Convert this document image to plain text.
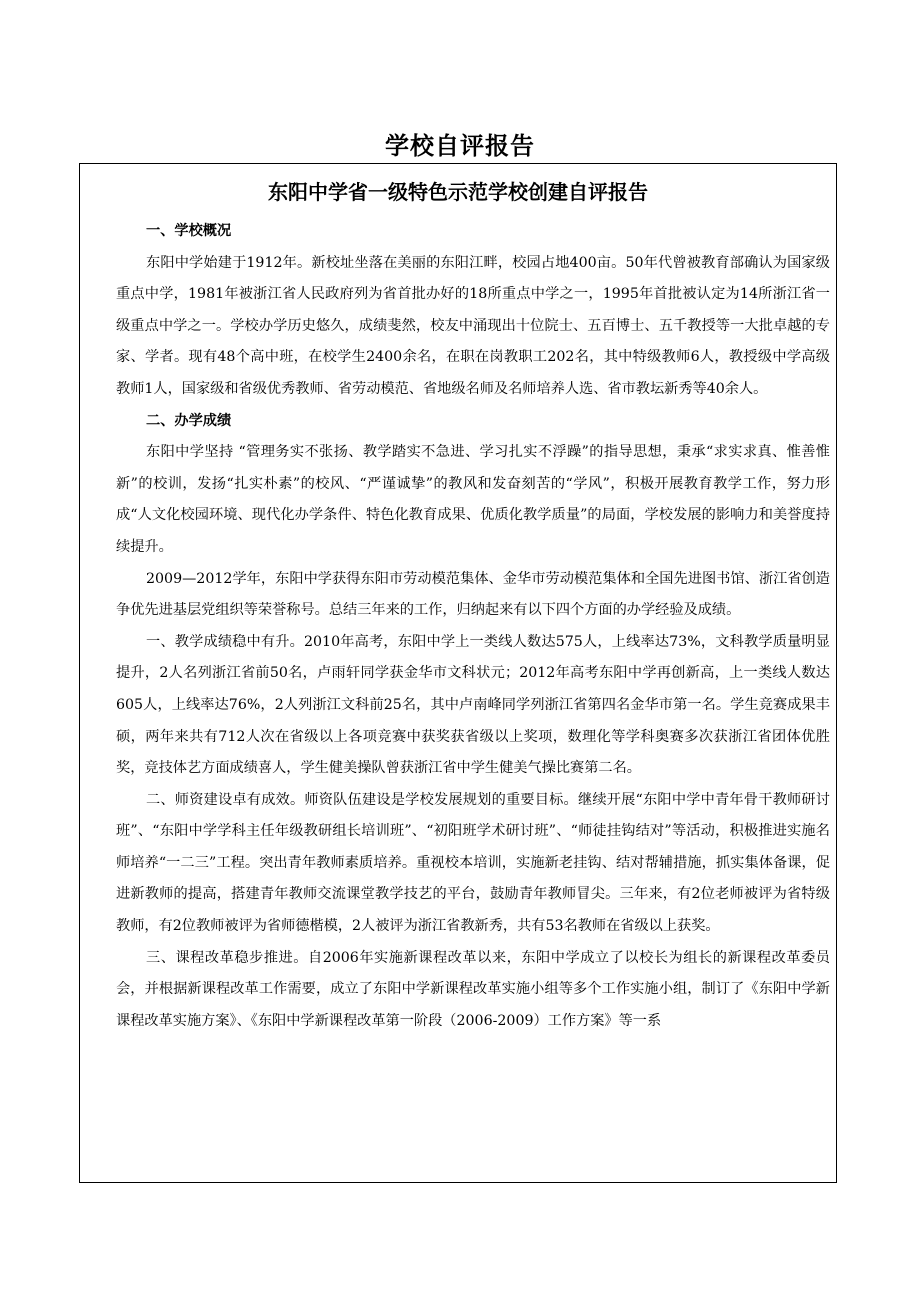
学校自评报告
东阳中学省一级特色示范学校创建自评报告

一、学校概况

东阳中学始建于1912年。新校址坐落在美丽的东阳江畔，校园占地400亩。50年代曾被教育部确认为国家级重点中学，1981年被浙江省人民政府列为省首批办好的18所重点中学之一，1995年首批被认定为14所浙江省一级重点中学之一。学校办学历史悠久，成绩斐然，校友中涌现出十位院士、五百博士、五千教授等一大批卓越的专家、学者。现有48个高中班，在校学生2400余名，在职在岗教职工202名，其中特级教师6人，教授级中学高级教师1人，国家级和省级优秀教师、省劳动模范、省地级名师及名师培养人选、省市教坛新秀等40余人。

二、办学成绩

东阳中学坚持 “管理务实不张扬、教学踏实不急进、学习扎实不浮躁”的指导思想，秉承“求实求真、惟善惟新”的校训，发扬“扎实朴素”的校风、“严谨诚挚”的教风和发奋刻苦的“学风”，积极开展教育教学工作，努力形成“人文化校园环境、现代化办学条件、特色化教育成果、优质化教学质量”的局面，学校发展的影响力和美誉度持续提升。

2009—2012学年，东阳中学获得东阳市劳动模范集体、金华市劳动模范集体和全国先进图书馆、浙江省创造争优先进基层党组织等荣誉称号。总结三年来的工作，归纳起来有以下四个方面的办学经验及成绩。

一、教学成绩稳中有升。2010年高考，东阳中学上一类线人数达575人，上线率达73%，文科教学质量明显提升，2人名列浙江省前50名，卢雨轩同学获金华市文科状元；2012年高考东阳中学再创新高，上一类线人数达605人，上线率达76%，2人列浙江文科前25名，其中卢南峰同学列浙江省第四名金华市第一名。学生竞赛成果丰硕，两年来共有712人次在省级以上各项竞赛中获奖获省级以上奖项，数理化等学科奥赛多次获浙江省团体优胜奖，竞技体艺方面成绩喜人，学生健美操队曾获浙江省中学生健美气操比赛第二名。

二、师资建设卓有成效。师资队伍建设是学校发展规划的重要目标。继续开展“东阳中学中青年骨干教师研讨班”、“东阳中学学科主任年级教研组长培训班”、“初阳班学术研讨班”、“师徒挂钩结对”等活动，积极推进实施名师培养“一二三”工程。突出青年教师素质培养。重视校本培训，实施新老挂钩、结对帮辅措施，抓实集体备课，促进新教师的提高，搭建青年教师交流课堂教学技艺的平台，鼓励青年教师冒尖。三年来，有2位老师被评为省特级教师，有2位教师被评为省师德楷模，2人被评为浙江省教新秀，共有53名教师在省级以上获奖。

三、课程改革稳步推进。自2006年实施新课程改革以来，东阳中学成立了以校长为组长的新课程改革委员会，并根据新课程改革工作需要，成立了东阳中学新课程改革实施小组等多个工作实施小组，制订了《东阳中学新课程改革实施方案》、《东阳中学新课程改革第一阶段（2006-2009）工作方案》等一系
